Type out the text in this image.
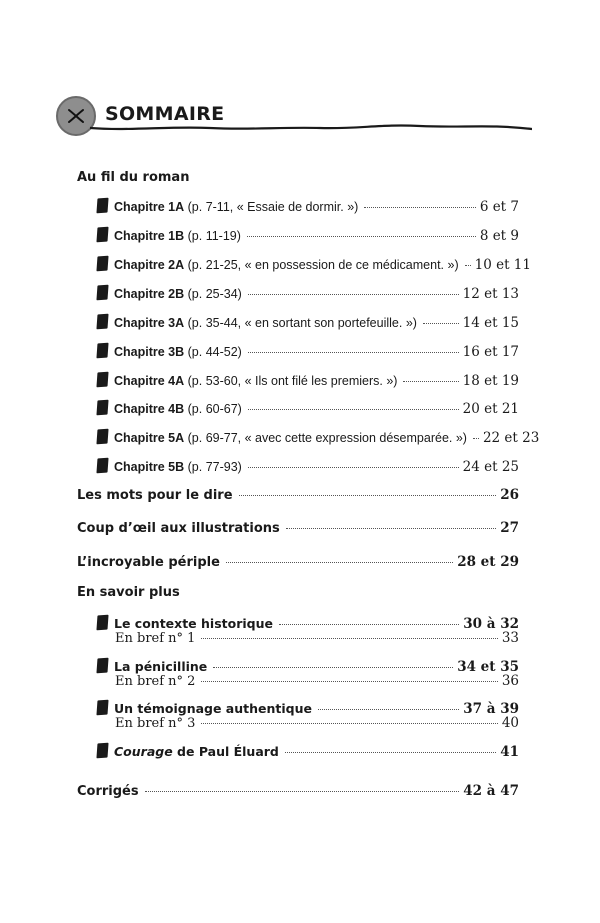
SOMMAIRE
Au fil du roman
Chapitre 1A (p. 7-11, « Essaie de dormir. »)	6 et 7
Chapitre 1B (p. 11-19)	8 et 9
Chapitre 2A (p. 21-25, « en possession de ce médicament. ») 10 et 11
Chapitre 2B (p. 25-34)	12 et 13
Chapitre 3A (p. 35-44, « en sortant son portefeuille. »)	14 et 15
Chapitre 3B (p. 44-52)	16 et 17
Chapitre 4A (p. 53-60, « Ils ont filé les premiers. »)	18 et 19
Chapitre 4B (p. 60-67)	20 et 21
Chapitre 5A (p. 69-77, « avec cette expression désemparée. ») 22 et 23
Chapitre 5B (p. 77-93)	24 et 25
Les mots pour le dire	26
Coup d’œil aux illustrations	27
L’incroyable périple	28 et 29
En savoir plus
Le contexte historique	30 à 32
En bref n° 1	33
La pénicilline	34 et 35
En bref n° 2	36
Un témoignage authentique	37 à 39
En bref n° 3	40
Courage de Paul Éluard	41
Corrigés	42 à 47
